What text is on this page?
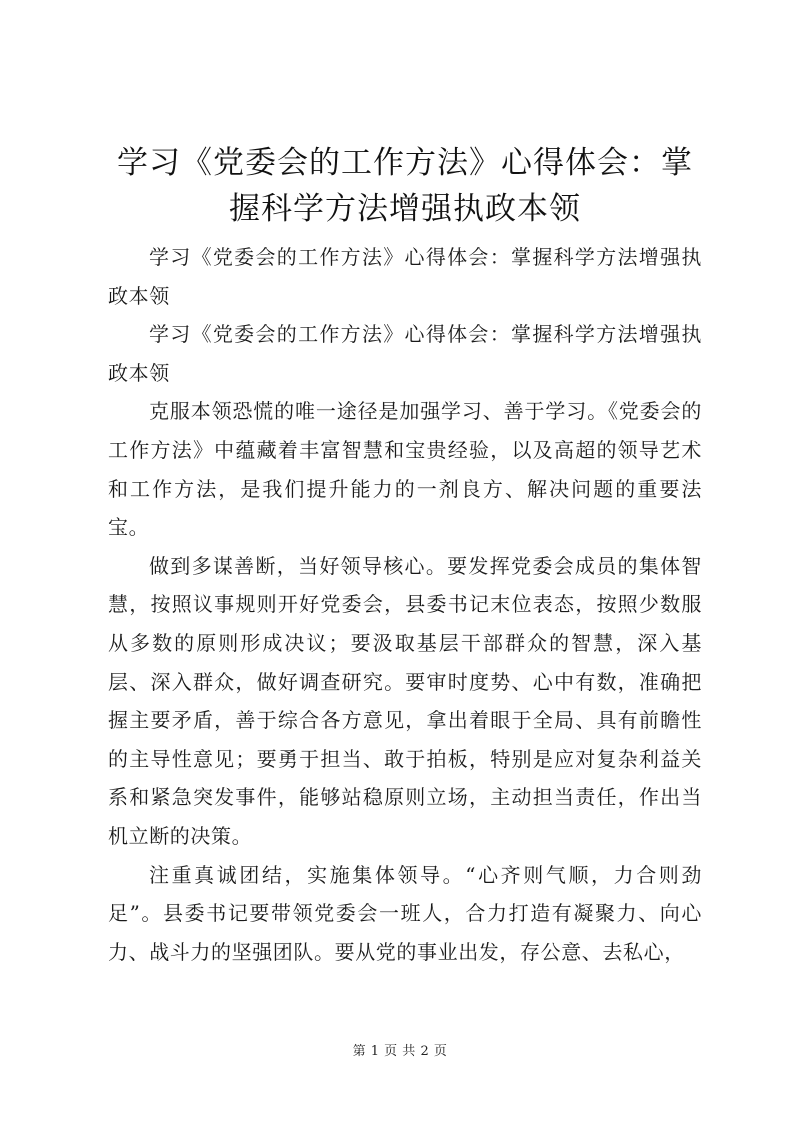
学习《党委会的工作方法》心得体会：掌握科学方法增强执政本领

学习《党委会的工作方法》心得体会：掌握科学方法增强执政本领

学习《党委会的工作方法》心得体会：掌握科学方法增强执政本领

克服本领恐慌的唯一途径是加强学习、善于学习。《党委会的工作方法》中蕴藏着丰富智慧和宝贵经验，以及高超的领导艺术和工作方法，是我们提升能力的一剂良方、解决问题的重要法宝。

做到多谋善断，当好领导核心。要发挥党委会成员的集体智慧，按照议事规则开好党委会，县委书记末位表态，按照少数服从多数的原则形成决议；要汲取基层干部群众的智慧，深入基层、深入群众，做好调查研究。要审时度势、心中有数，准确把握主要矛盾，善于综合各方意见，拿出着眼于全局、具有前瞻性的主导性意见；要勇于担当、敢于拍板，特别是应对复杂利益关系和紧急突发事件，能够站稳原则立场，主动担当责任，作出当机立断的决策。

注重真诚团结，实施集体领导。“心齐则气顺，力合则劲足”。县委书记要带领党委会一班人，合力打造有凝聚力、向心力、战斗力的坚强团队。要从党的事业出发，存公意、去私心，

第 1 页 共 2 页
